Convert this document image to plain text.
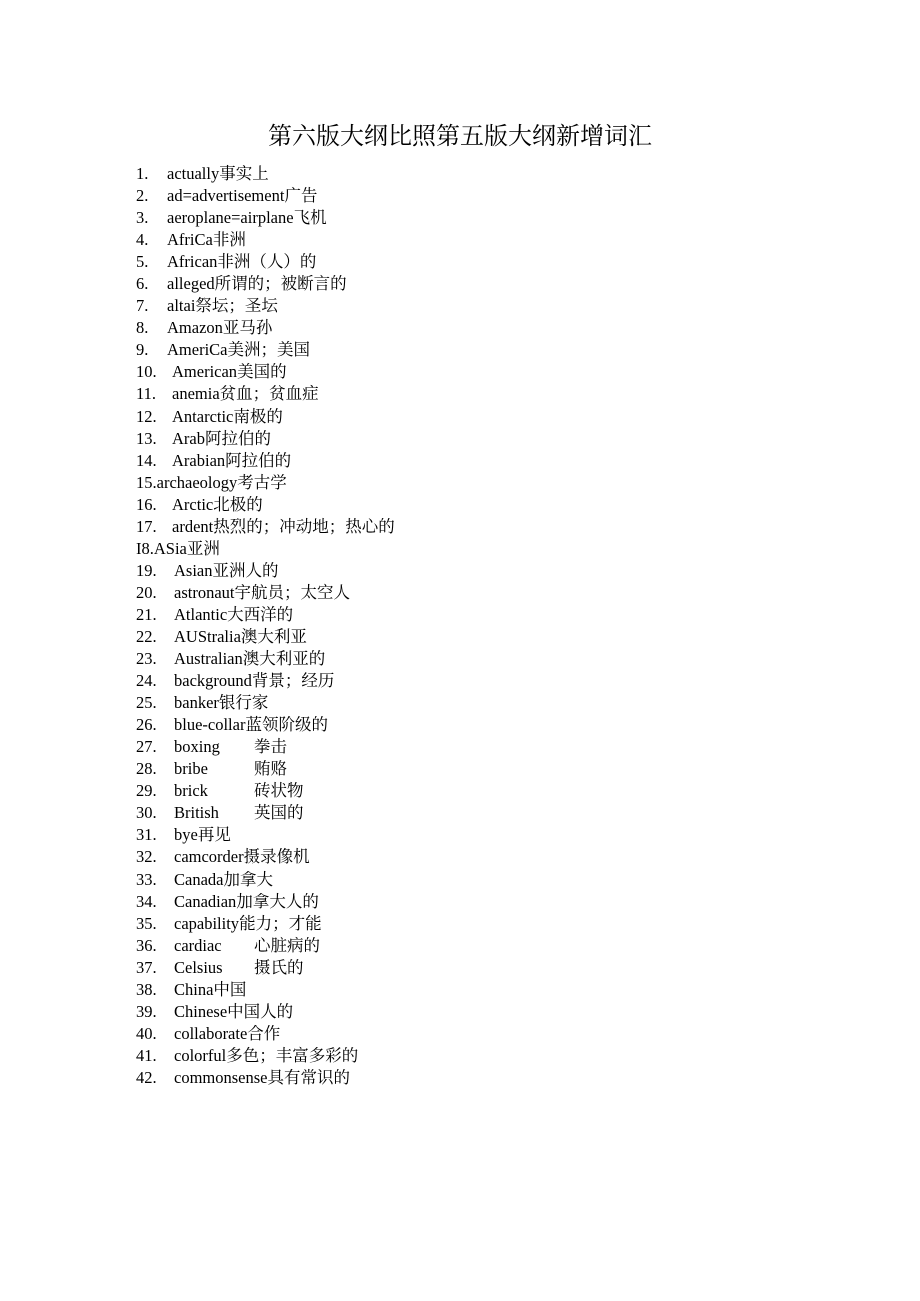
第六版大纲比照第五版大纲新增词汇
1.	actually 事实上
2.	ad=advertisement 广告
3.	aeroplane=airplane 飞机
4.	AfriCa 非洲
5.	African 非洲（人）的
6.	alleged 所谓的；被断言的
7.	altai 祭坛；圣坛
8.	Amazon 亚马孙
9.	AmeriCa 美洲；美国
10. American 美国的
11. anemia 贫血；贫血症
12. Antarctic 南极的
13. Arab 阿拉伯的
14. Arabian 阿拉伯的
15. archaeology 考古学
16. Arctic 北极的
17. ardent 热烈的；冲动地；热心的
I8. ASia 亚洲
19.	Asian 亚洲人的
20.	astronaut 宇航员；太空人
21.	Atlantic 大西洋的
22.	AUStralia 澳大利亚
23.	Australian 澳大利亚的
24.	background 背景；经历
25.	banker 银行家
26.	blue-collar 蓝领阶级的
27.	boxing	拳击
28.	bribe	贿赂
29.	brick	砖状物
30.	British	英国的
31.	bye 再见
32.	camcorder 摄录像机
33.	Canada 加拿大
34.	Canadian 加拿大人的
35.	capability 能力；才能
36.	cardiac	心脏病的
37.	Celsius	摄氏的
38.	China 中国
39.	Chinese 中国人的
40.	collaborate 合作
41.	colorful 多色；丰富多彩的
42.	commonsense 具有常识的
